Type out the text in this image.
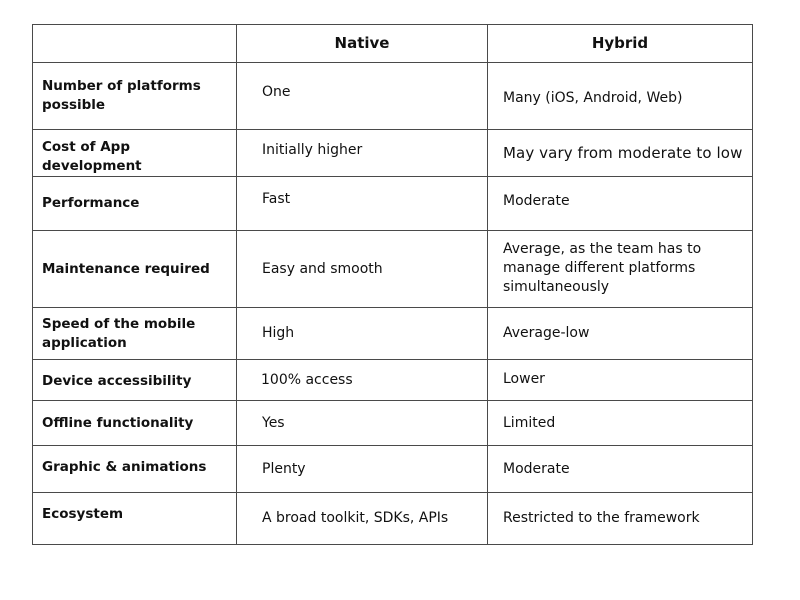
	Native	Hybrid
Number of platforms possible	One	Many (iOS, Android, Web)
Cost of App development	Initially higher	May vary from moderate to low
Performance	Fast	Moderate
Maintenance required	Easy and smooth	Average, as the team has to manage different platforms simultaneously
Speed of the mobile application	High	Average-low
Device accessibility	100% access	Lower
Offline functionality	Yes	Limited
Graphic & animations	Plenty	Moderate
Ecosystem	A broad toolkit, SDKs, APIs	Restricted to the framework
